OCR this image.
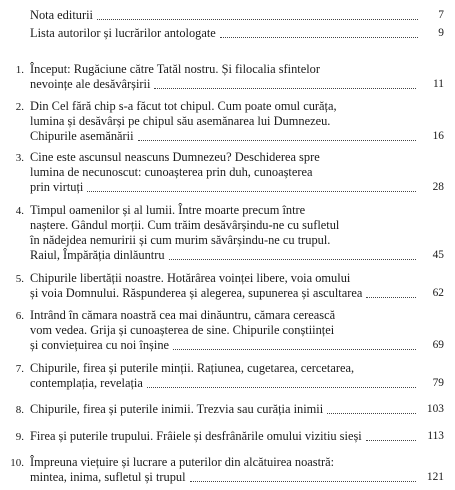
Nota editurii	7
Lista autorilor și lucrărilor antologate	9
1. Început: Rugăciune către Tatăl nostru. Și filocalia sfintelor
nevoințe ale desăvârșirii	11
2. Din Cel fără chip s-a făcut tot chipul. Cum poate omul curăța,
lumina și desăvârși pe chipul său asemănarea lui Dumnezeu.
Chipurile asemănării	16
3. Cine este ascunsul neascuns Dumnezeu? Deschiderea spre
lumina de necunoscut: cunoașterea prin duh, cunoașterea
prin virtuți	28
4. Timpul oamenilor și al lumii. Între moarte precum între
naștere. Gândul morții. Cum trăim desăvârșindu-ne cu sufletul
în nădejdea nemuririi și cum murim săvârșindu-ne cu trupul.
Raiul, Împărăția dinlăuntru	45
5. Chipurile libertății noastre. Hotărârea voinței libere, voia omului
și voia Domnului. Răspunderea și alegerea, supunerea și ascultarea	62
6. Intrând în cămara noastră cea mai dinăuntru, cămara cerească
vom vedea. Grija și cunoașterea de sine. Chipurile conștiinței
și conviețuirea cu noi înșine	69
7. Chipurile, firea și puterile minții. Rațiunea, cugetarea, cercetarea,
contemplația, revelația	79
8. Chipurile, firea și puterile inimii. Trezvia sau curăția inimii	103
9. Firea și puterile trupului. Frâiele și desfrânările omului vizitiu sieși	113
10. Împreuna viețuire și lucrare a puterilor din alcătuirea noastră:
mintea, inima, sufletul și trupul	121
